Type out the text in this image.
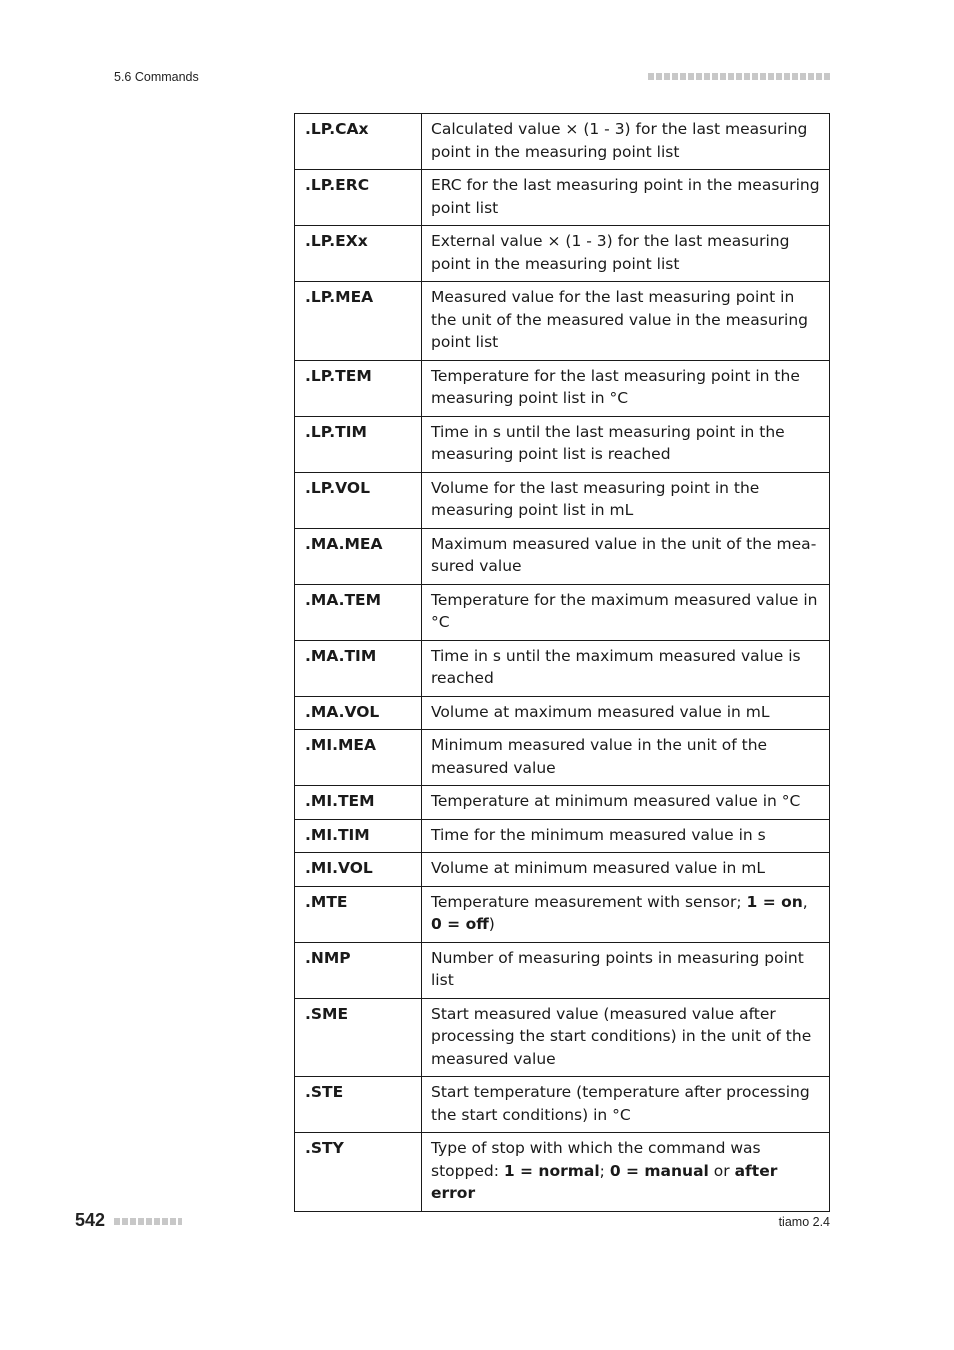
5.6 Commands
.LP.CAx	Calculated value × (1 - 3) for the last measuring point in the measuring point list
.LP.ERC	ERC for the last measuring point in the measuring point list
.LP.EXx	External value × (1 - 3) for the last measuring point in the measuring point list
.LP.MEA	Measured value for the last measuring point in the unit of the measured value in the measuring point list
.LP.TEM	Temperature for the last measuring point in the measuring point list in °C
.LP.TIM	Time in s until the last measuring point in the measuring point list is reached
.LP.VOL	Volume for the last measuring point in the measuring point list in mL
.MA.MEA	Maximum measured value in the unit of the measured value
.MA.TEM	Temperature for the maximum measured value in °C
.MA.TIM	Time in s until the maximum measured value is reached
.MA.VOL	Volume at maximum measured value in mL
.MI.MEA	Minimum measured value in the unit of the measured value
.MI.TEM	Temperature at minimum measured value in °C
.MI.TIM	Time for the minimum measured value in s
.MI.VOL	Volume at minimum measured value in mL
.MTE	Temperature measurement with sensor; 1 = on, 0 = off)
.NMP	Number of measuring points in measuring point list
.SME	Start measured value (measured value after processing the start conditions) in the unit of the measured value
.STE	Start temperature (temperature after processing the start conditions) in °C
.STY	Type of stop with which the command was stopped: 1 = normal; 0 = manual or after error
542	tiamo 2.4
